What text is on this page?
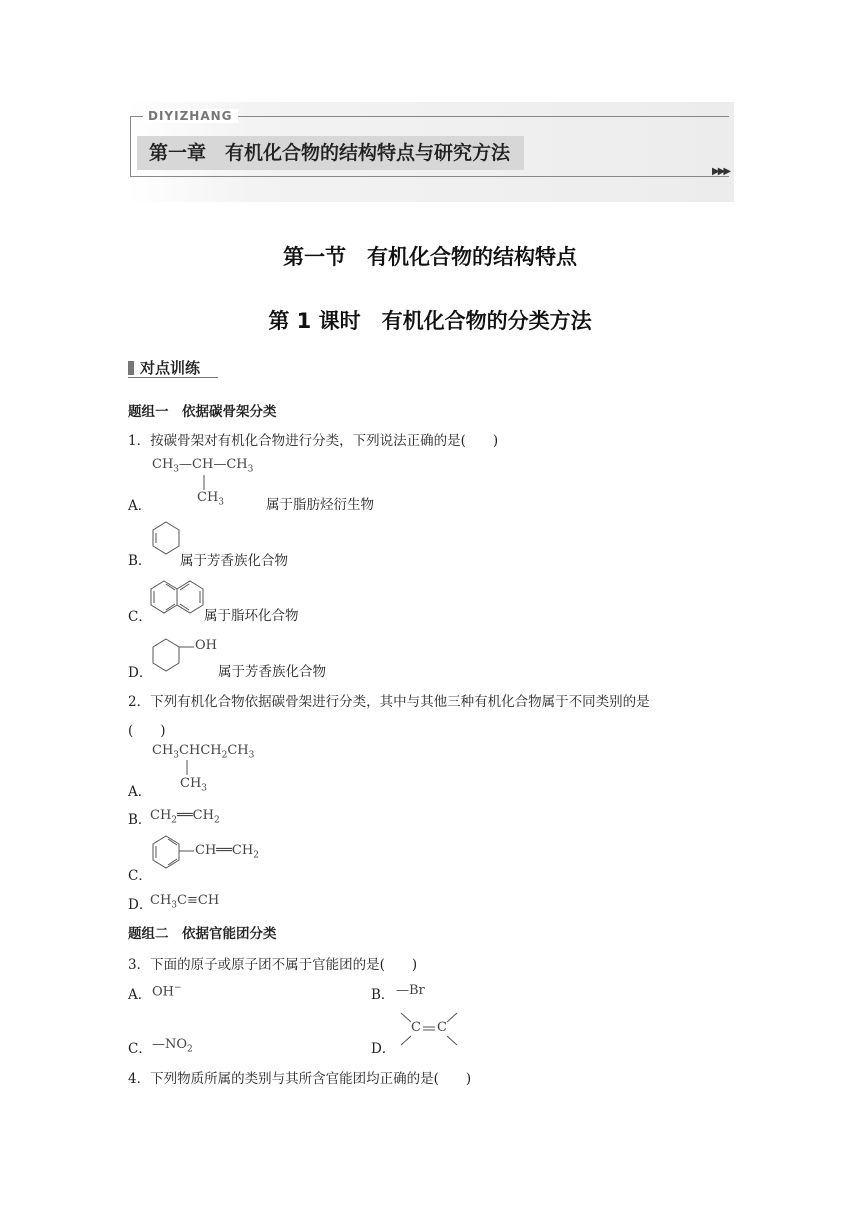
DIYIZHANG
第一章　有机化合物的结构特点与研究方法
▶▶▶
第一节　有机化合物的结构特点
第 1 课时　有机化合物的分类方法
对点训练
题组一　依据碳骨架分类
1．按碳骨架对有机化合物进行分类，下列说法正确的是(　　)
$CH_3—CH—CH_3$
$CH_3$
A．	属于脂肪烃衍生物
B． 属于芳香族化合物
C．	属于脂环化合物
OH
D．	属于芳香族化合物
2．下列有机化合物依据碳骨架进行分类，其中与其他三种有机化合物属于不同类别的是
(　　)
$CH_3CHCH_2CH_3$
$CH_3$
A．
B．
$CH_2══CH_2$
$CH══CH_2$
C．
D．
$CH_3C\equiv CH$
题组二　依据官能团分类
3．下面的原子或原子团不属于官能团的是(　　)
A． OH−	B． —Br
C． $—NO_2$	D．
C C
4．下列物质所属的类别与其所含官能团均正确的是(　　)
